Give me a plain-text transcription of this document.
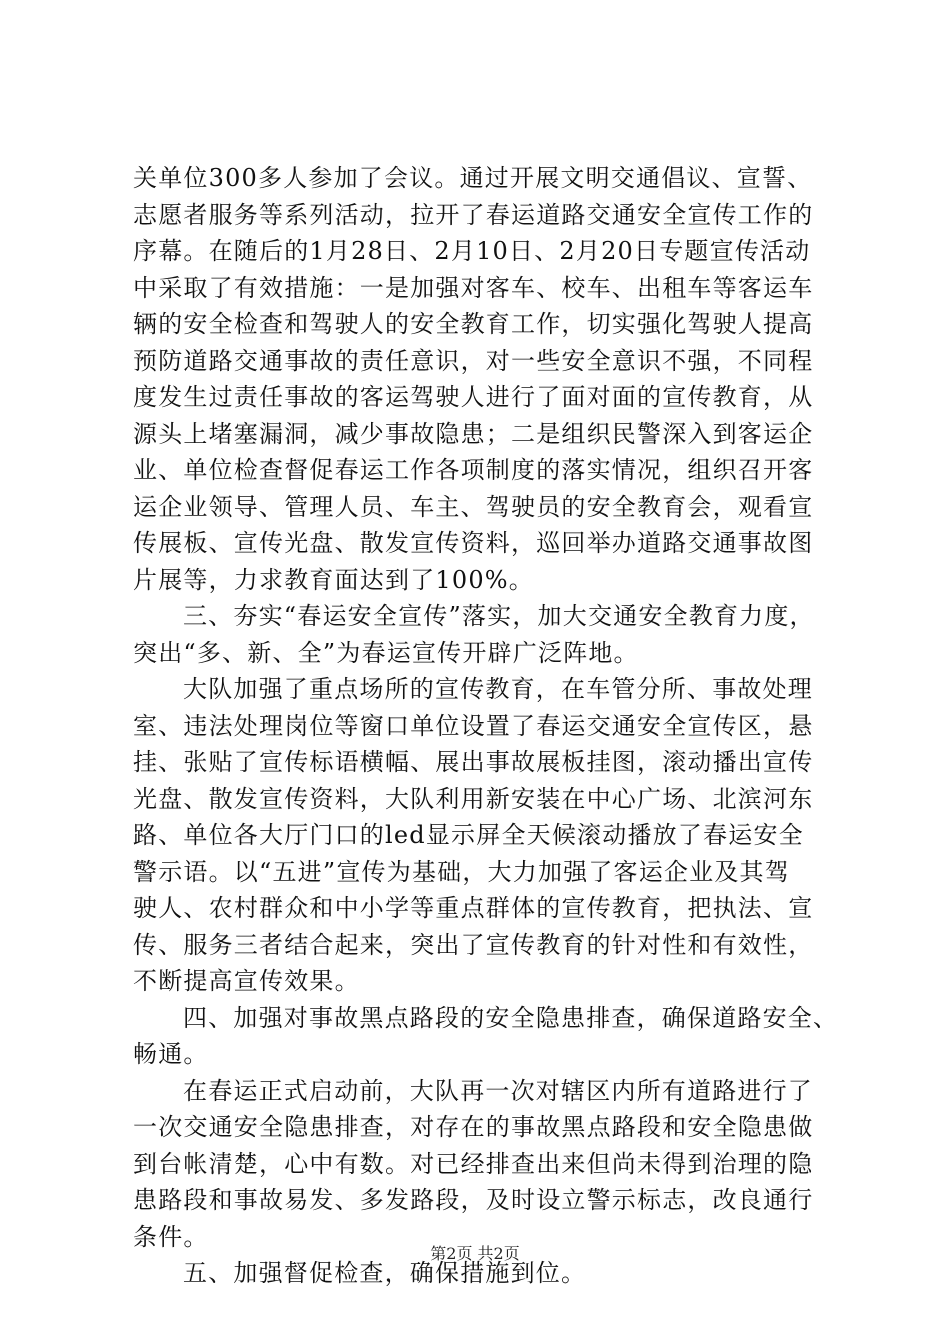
关单位300多人参加了会议。通过开展文明交通倡议、宣誓、
志愿者服务等系列活动，拉开了春运道路交通安全宣传工作的
序幕。在随后的1月28日、2月10日、2月20日专题宣传活动
中采取了有效措施：一是加强对客车、校车、出租车等客运车
辆的安全检查和驾驶人的安全教育工作，切实强化驾驶人提高
预防道路交通事故的责任意识，对一些安全意识不强，不同程
度发生过责任事故的客运驾驶人进行了面对面的宣传教育，从
源头上堵塞漏洞，减少事故隐患；二是组织民警深入到客运企
业、单位检查督促春运工作各项制度的落实情况，组织召开客
运企业领导、管理人员、车主、驾驶员的安全教育会，观看宣
传展板、宣传光盘、散发宣传资料，巡回举办道路交通事故图
片展等，力求教育面达到了100%。
三、夯实“春运安全宣传”落实，加大交通安全教育力度，
突出“多、新、全”为春运宣传开辟广泛阵地。
大队加强了重点场所的宣传教育，在车管分所、事故处理
室、违法处理岗位等窗口单位设置了春运交通安全宣传区，悬
挂、张贴了宣传标语横幅、展出事故展板挂图，滚动播出宣传
光盘、散发宣传资料，大队利用新安装在中心广场、北滨河东
路、单位各大厅门口的led显示屏全天候滚动播放了春运安全
警示语。以“五进”宣传为基础，大力加强了客运企业及其驾
驶人、农村群众和中小学等重点群体的宣传教育，把执法、宣
传、服务三者结合起来，突出了宣传教育的针对性和有效性，
不断提高宣传效果。
四、加强对事故黑点路段的安全隐患排查，确保道路安全、
畅通。
在春运正式启动前，大队再一次对辖区内所有道路进行了
一次交通安全隐患排查，对存在的事故黑点路段和安全隐患做
到台帐清楚，心中有数。对已经排查出来但尚未得到治理的隐
患路段和事故易发、多发路段，及时设立警示标志，改良通行
条件。
五、加强督促检查，确保措施到位。
第2页 共2页
